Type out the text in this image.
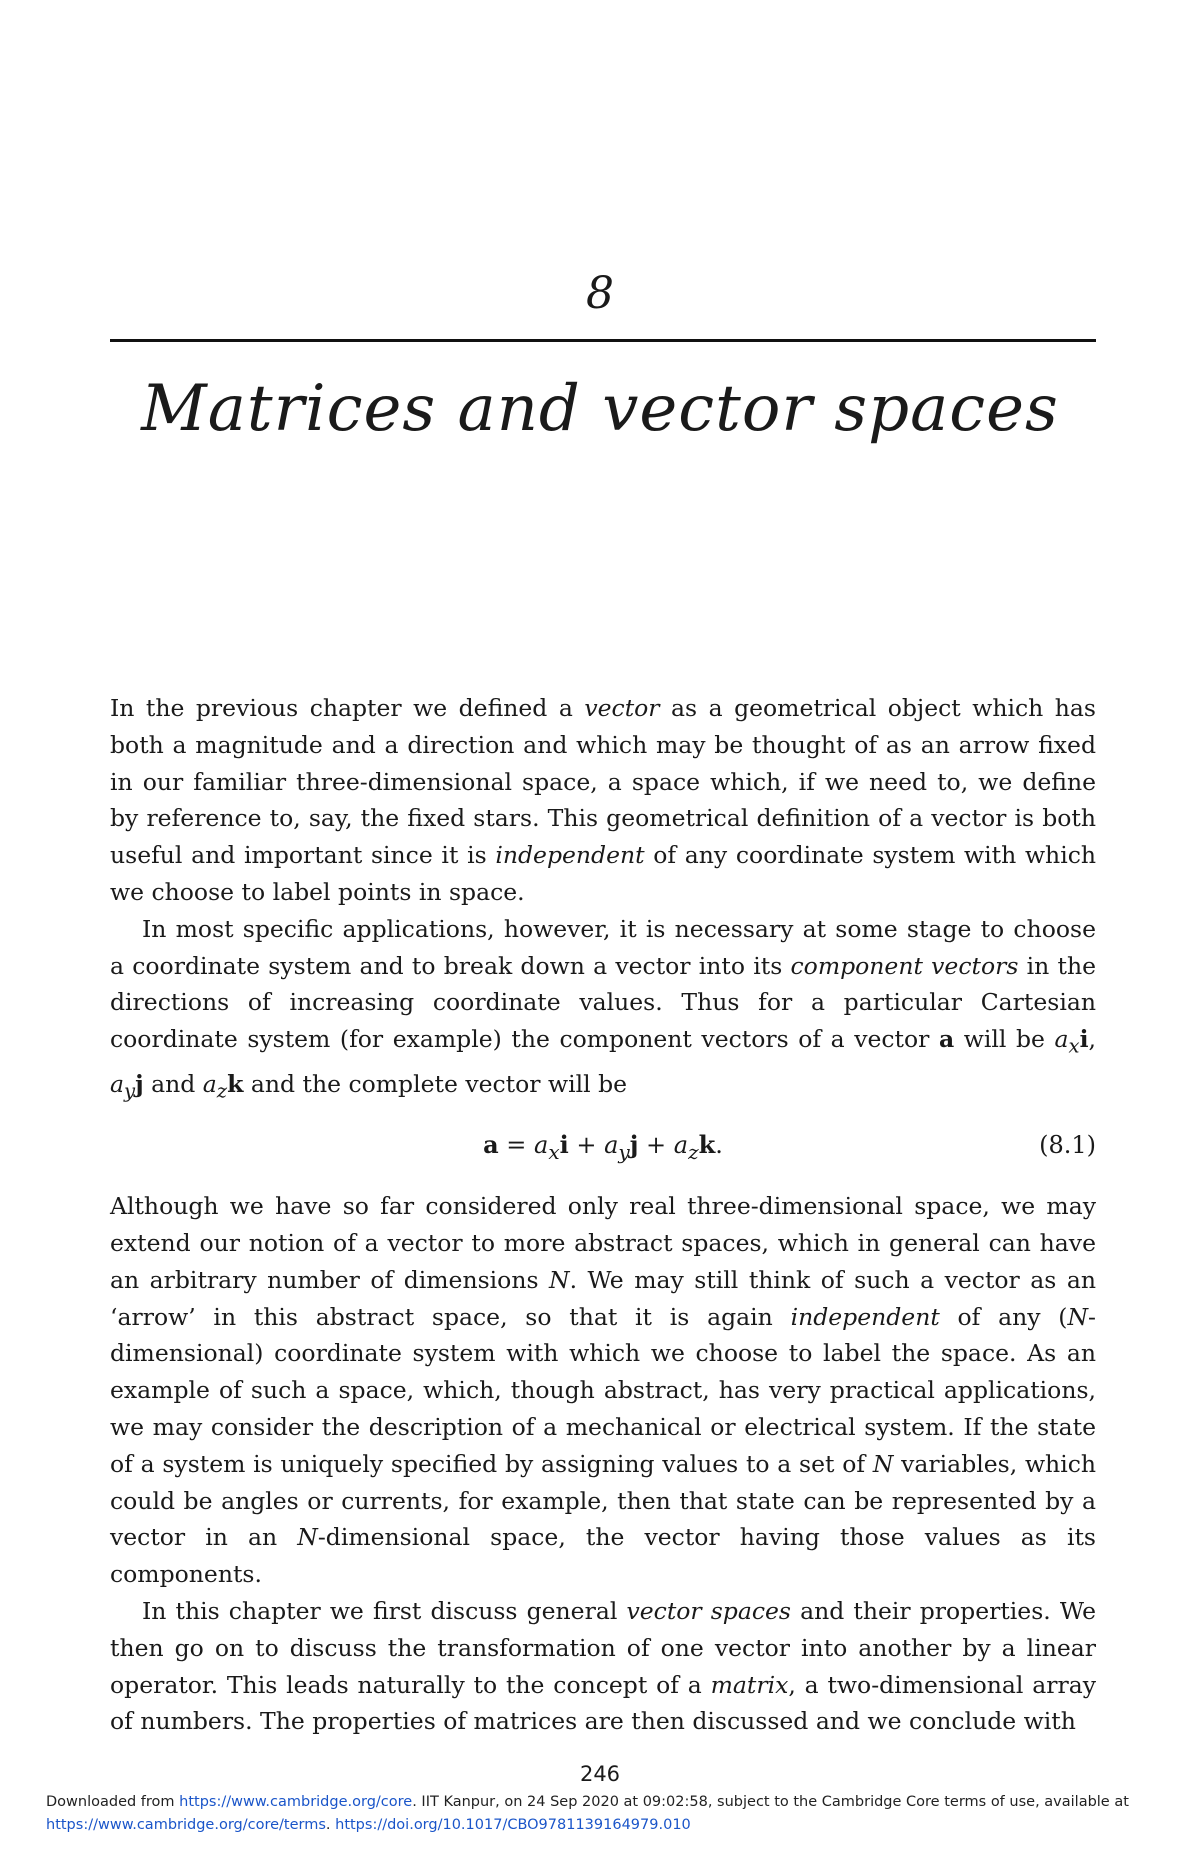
8
Matrices and vector spaces

In the previous chapter we defined a vector as a geometrical object which has both a magnitude and a direction and which may be thought of as an arrow fixed in our familiar three-dimensional space, a space which, if we need to, we define by reference to, say, the fixed stars. This geometrical definition of a vector is both useful and important since it is independent of any coordinate system with which we choose to label points in space.

In most specific applications, however, it is necessary at some stage to choose a coordinate system and to break down a vector into its component vectors in the directions of increasing coordinate values. Thus for a particular Cartesian coordinate system (for example) the component vectors of a vector a will be $a_xi$, $a_yj$ and $a_zk$ and the complete vector will be

$a = a_xi + a_yj + a_zk$.	(8.1)

Although we have so far considered only real three-dimensional space, we may extend our notion of a vector to more abstract spaces, which in general can have an arbitrary number of dimensions N. We may still think of such a vector as an ‘arrow’ in this abstract space, so that it is again independent of any (N-dimensional) coordinate system with which we choose to label the space. As an example of such a space, which, though abstract, has very practical applications, we may consider the description of a mechanical or electrical system. If the state of a system is uniquely specified by assigning values to a set of N variables, which could be angles or currents, for example, then that state can be represented by a vector in an N-dimensional space, the vector having those values as its components.

In this chapter we first discuss general vector spaces and their properties. We then go on to discuss the transformation of one vector into another by a linear operator. This leads naturally to the concept of a matrix, a two-dimensional array of numbers. The properties of matrices are then discussed and we conclude with

246
Downloaded from https://www.cambridge.org/core. IIT Kanpur, on 24 Sep 2020 at 09:02:58, subject to the Cambridge Core terms of use, available at https://www.cambridge.org/core/terms. https://doi.org/10.1017/CBO9781139164979.010
